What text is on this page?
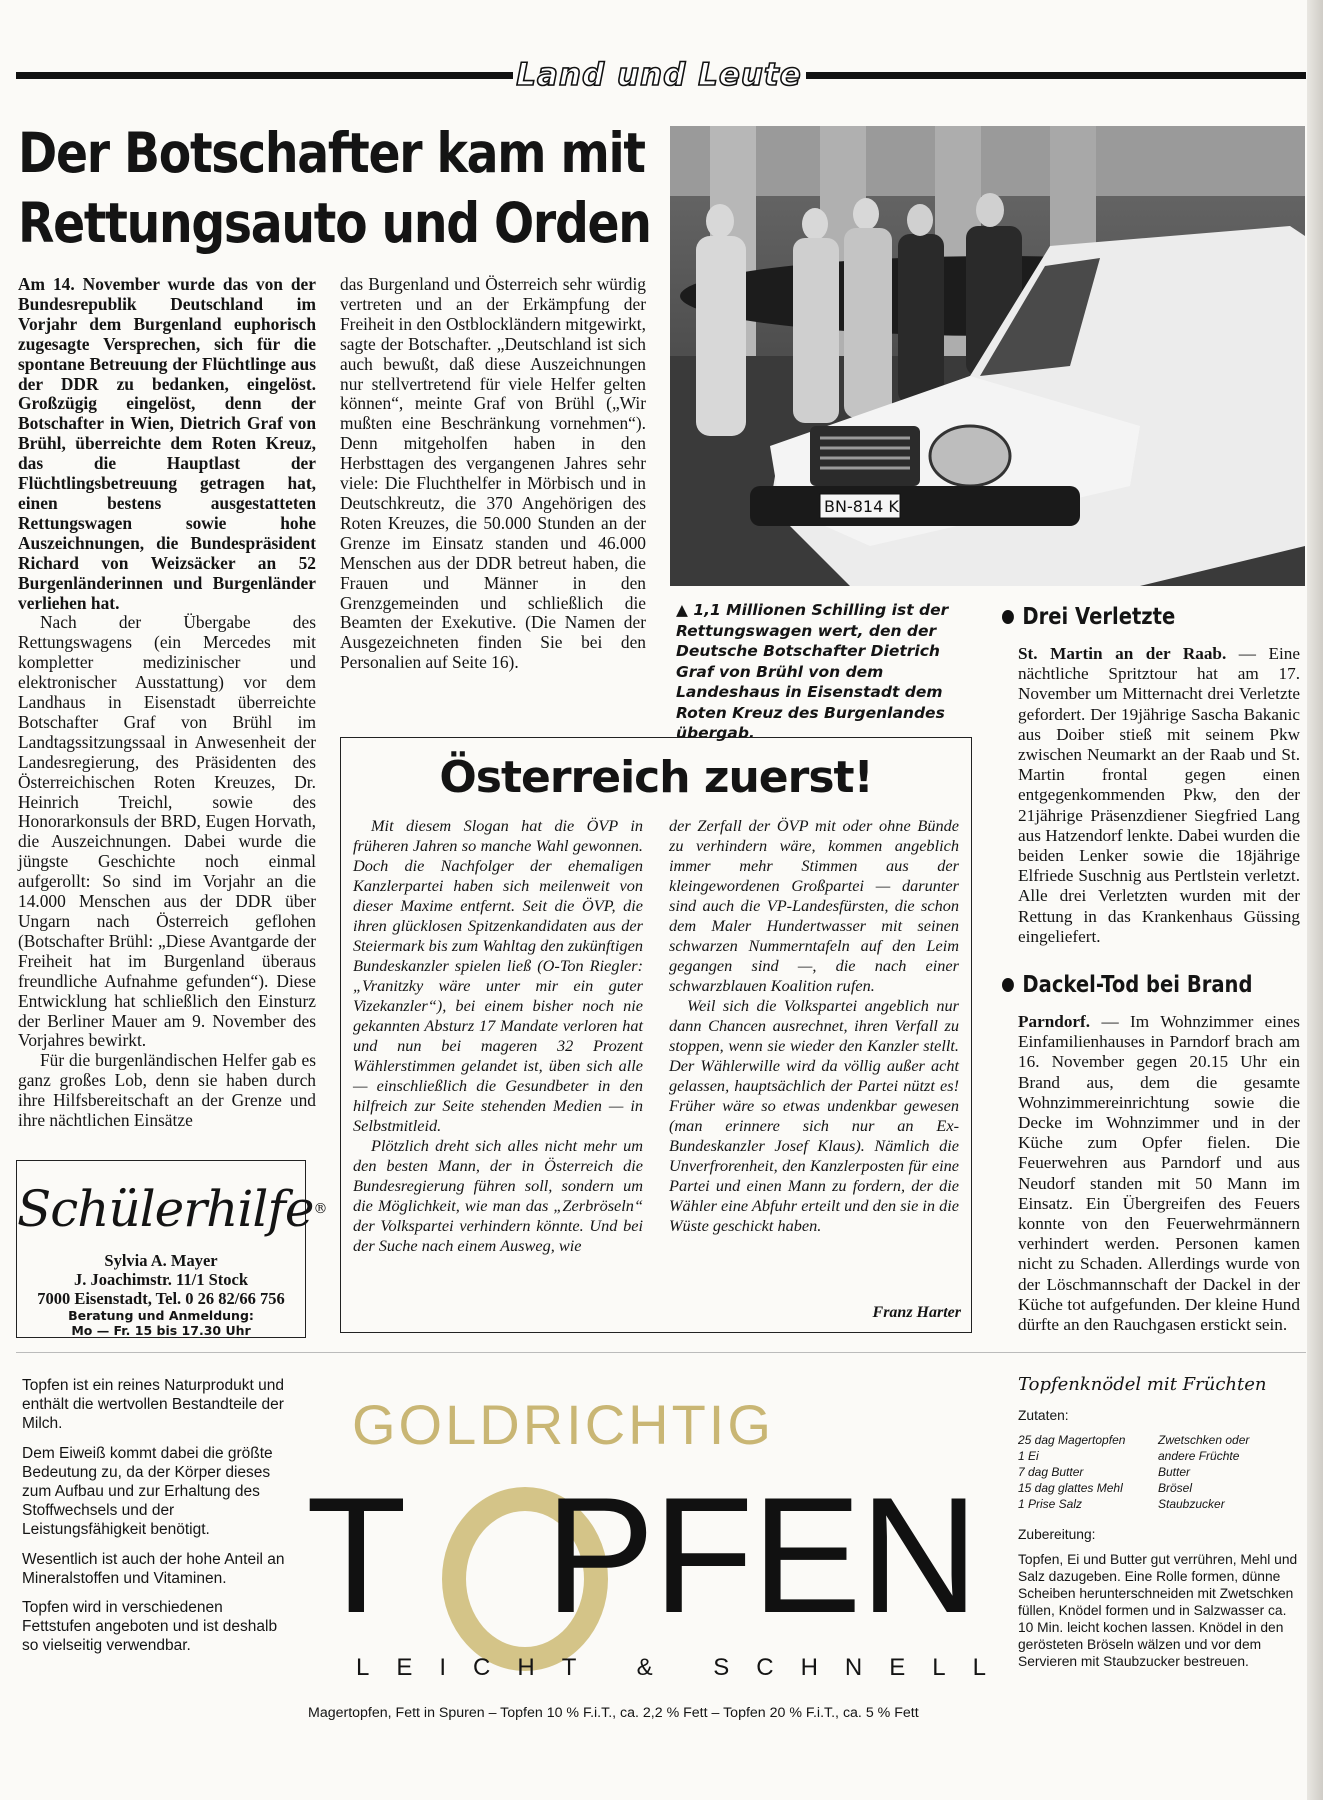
Land und Leute
Der Botschafter kam mit
Rettungsauto und Orden

Am 14. November wurde das von der Bundesrepublik Deutschland im Vorjahr dem Burgenland euphorisch zugesagte Versprechen, sich für die spontane Betreuung der Flüchtlinge aus der DDR zu bedanken, eingelöst. Großzügig eingelöst, denn der Botschafter in Wien, Dietrich Graf von Brühl, überreichte dem Roten Kreuz, das die Hauptlast der Flüchtlingsbetreuung getragen hat, einen bestens ausgestatteten Rettungswagen sowie hohe Auszeichnungen, die Bundespräsident Richard von Weizsäcker an 52 Burgenländerinnen und Burgenländer verliehen hat.

Nach der Übergabe des Rettungswagens (ein Mercedes mit kompletter medizinischer und elektronischer Ausstattung) vor dem Landhaus in Eisenstadt überreichte Botschafter Graf von Brühl im Landtagssitzungssaal in Anwesenheit der Landesregierung, des Präsidenten des Österreichischen Roten Kreuzes, Dr. Heinrich Treichl, sowie des Honorarkonsuls der BRD, Eugen Horvath, die Auszeichnungen. Dabei wurde die jüngste Geschichte noch einmal aufgerollt: So sind im Vorjahr an die 14.000 Menschen aus der DDR über Ungarn nach Österreich geflohen (Botschafter Brühl: „Diese Avantgarde der Freiheit hat im Burgenland überaus freundliche Aufnahme gefunden“). Diese Entwicklung hat schließlich den Einsturz der Berliner Mauer am 9. November des Vorjahres bewirkt.

Für die burgenländischen Helfer gab es ganz großes Lob, denn sie haben durch ihre Hilfsbereitschaft an der Grenze und ihre nächtlichen Einsätze

das Burgenland und Österreich sehr würdig vertreten und an der Erkämpfung der Freiheit in den Ostblockländern mitgewirkt, sagte der Botschafter. „Deutschland ist sich auch bewußt, daß diese Auszeichnungen nur stellvertretend für viele Helfer gelten können“, meinte Graf von Brühl („Wir mußten eine Beschränkung vornehmen“). Denn mitgeholfen haben in den Herbsttagen des vergangenen Jahres sehr viele: Die Fluchthelfer in Mörbisch und in Deutschkreutz, die 370 Angehörigen des Roten Kreuzes, die 50.000 Stunden an der Grenze im Einsatz standen und 46.000 Menschen aus der DDR betreut haben, die Frauen und Männer in den Grenzgemeinden und schließlich die Beamten der Exekutive. (Die Namen der Ausgezeichneten finden Sie bei den Personalien auf Seite 16).

BN-814 K
▲ 1,1 Millionen Schilling ist der Rettungswagen wert, den der Deutsche Botschafter Dietrich Graf von Brühl von dem Landeshaus in Eisenstadt dem Roten Kreuz des Burgenlandes übergab.
Drei Verletzte
St. Martin an der Raab. — Eine nächtliche Spritztour hat am 17. November um Mitternacht drei Verletzte gefordert. Der 19jährige Sascha Bakanic aus Doiber stieß mit seinem Pkw zwischen Neumarkt an der Raab und St. Martin frontal gegen einen entgegenkommenden Pkw, den der 21jährige Präsenzdiener Siegfried Lang aus Hatzendorf lenkte. Dabei wurden die beiden Lenker sowie die 18jährige Elfriede Suschnig aus Pertlstein verletzt. Alle drei Verletzten wurden mit der Rettung in das Krankenhaus Güssing eingeliefert.
Dackel-Tod bei Brand
Parndorf. — Im Wohnzimmer eines Einfamilienhauses in Parndorf brach am 16. November gegen 20.15 Uhr ein Brand aus, dem die gesamte Wohnzimmereinrichtung sowie die Decke im Wohnzimmer und in der Küche zum Opfer fielen. Die Feuerwehren aus Parndorf und aus Neudorf standen mit 50 Mann im Einsatz. Ein Übergreifen des Feuers konnte von den Feuerwehrmännern verhindert werden. Personen kamen nicht zu Schaden. Allerdings wurde von der Löschmannschaft der Dackel in der Küche tot aufgefunden. Der kleine Hund dürfte an den Rauchgasen erstickt sein.
Österreich zuerst!

Mit diesem Slogan hat die ÖVP in früheren Jahren so manche Wahl gewonnen. Doch die Nachfolger der ehemaligen Kanzlerpartei haben sich meilenweit von dieser Maxime entfernt. Seit die ÖVP, die ihren glücklosen Spitzenkandidaten aus der Steiermark bis zum Wahltag den zukünftigen Bundeskanzler spielen ließ (O-Ton Riegler: „Vranitzky wäre unter mir ein guter Vizekanzler“), bei einem bisher noch nie gekannten Absturz 17 Mandate verloren hat und nun bei mageren 32 Prozent Wählerstimmen gelandet ist, üben sich alle — einschließlich die Gesundbeter in den hilfreich zur Seite stehenden Medien — in Selbstmitleid.

Plötzlich dreht sich alles nicht mehr um den besten Mann, der in Österreich die Bundesregierung führen soll, sondern um die Möglichkeit, wie man das „Zerbröseln“ der Volkspartei verhindern könnte. Und bei der Suche nach einem Ausweg, wie

der Zerfall der ÖVP mit oder ohne Bünde zu verhindern wäre, kommen angeblich immer mehr Stimmen aus der kleingewordenen Großpartei — darunter sind auch die VP-Landesfürsten, die schon dem Maler Hundertwasser mit seinen schwarzen Nummerntafeln auf den Leim gegangen sind —, die nach einer schwarzblauen Koalition rufen.

Weil sich die Volkspartei angeblich nur dann Chancen ausrechnet, ihren Verfall zu stoppen, wenn sie wieder den Kanzler stellt. Der Wählerwille wird da völlig außer acht gelassen, hauptsächlich der Partei nützt es! Früher wäre so etwas undenkbar gewesen (man erinnere sich nur an Ex-Bundeskanzler Josef Klaus). Nämlich die Unverfrorenheit, den Kanzlerposten für eine Partei und einen Mann zu fordern, der die Wähler eine Abfuhr erteilt und den sie in die Wüste geschickt haben.

Franz Harter
Schülerhilfe®
Sylvia A. Mayer
J. Joachimstr. 11/1 Stock
7000 Eisenstadt, Tel. 0 26 82/66 756
Beratung und Anmeldung:
Mo — Fr. 15 bis 17.30 Uhr

Topfen ist ein reines Naturprodukt und enthält die wertvollen Bestandteile der Milch.

Dem Eiweiß kommt dabei die größte Bedeutung zu, da der Körper dieses zum Aufbau und zur Erhaltung des Stoffwechsels und der Leistungsfähigkeit benötigt.

Wesentlich ist auch der hohe Anteil an Mineralstoffen und Vitaminen.

Topfen wird in verschiedenen Fettstufen angeboten und ist deshalb so vielseitig verwendbar.

GOLDRICHTIG
T PFEN
LEICHT & SCHNELL
Magertopfen, Fett in Spuren – Topfen 10 % F.i.T., ca. 2,2 % Fett – Topfen 20 % F.i.T., ca. 5 % Fett
Topfenknödel mit Früchten
Zutaten:
25 dag Magertopfen	Zwetschken oder
1 Ei	andere Früchte
7 dag Butter	Butter
15 dag glattes Mehl	Brösel
1 Prise Salz	Staubzucker
Zubereitung:
Topfen, Ei und Butter gut verrühren, Mehl und Salz dazugeben. Eine Rolle formen, dünne Scheiben herunterschneiden mit Zwetschken füllen, Knödel formen und in Salzwasser ca. 10 Min. leicht kochen lassen. Knödel in den gerösteten Bröseln wälzen und vor dem Servieren mit Staubzucker bestreuen.
